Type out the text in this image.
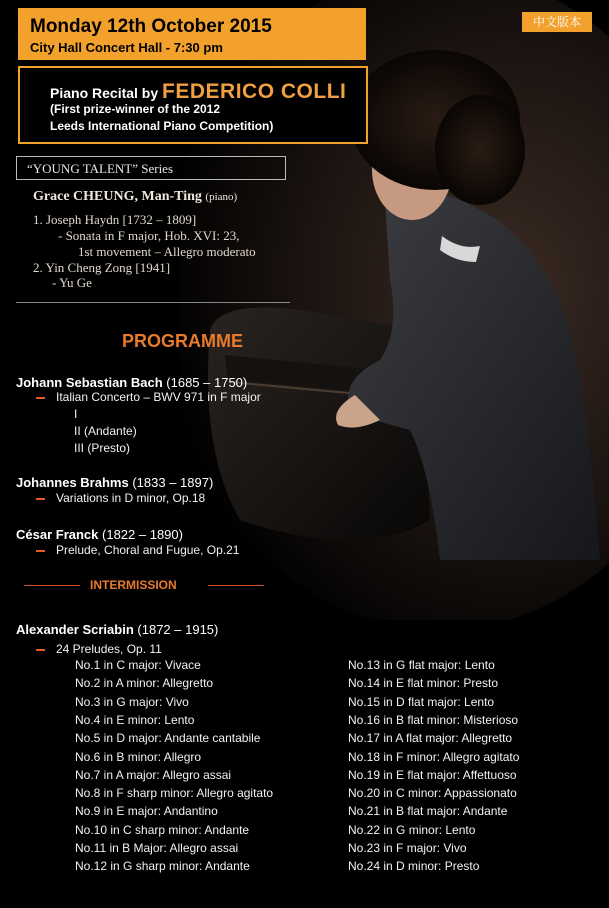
Monday 12th October 2015
City Hall Concert Hall - 7:30 pm
中文版本
Piano Recital by FEDERICO COLLI
(First prize-winner of the 2012
Leeds International Piano Competition)
“YOUNG TALENT” Series
Grace CHEUNG, Man-Ting (piano)
1. Joseph Haydn [1732 – 1809]
- Sonata in F major, Hob. XVI: 23,
1st movement – Allegro moderato
2. Yin Cheng Zong [1941]
- Yu Ge
PROGRAMME
Johann Sebastian Bach (1685 – 1750)
Italian Concerto – BWV 971 in F major
I
II (Andante)
III (Presto)
Johannes Brahms (1833 – 1897)
Variations in D minor, Op.18
César Franck (1822 – 1890)
Prelude, Choral and Fugue, Op.21
INTERMISSION
Alexander Scriabin (1872 – 1915)
24 Preludes, Op. 11
No.1 in C major: Vivace
No.2 in A minor: Allegretto
No.3 in G major: Vivo
No.4 in E minor: Lento
No.5 in D major: Andante cantabile
No.6 in B minor: Allegro
No.7 in A major: Allegro assai
No.8 in F sharp minor: Allegro agitato
No.9 in E major: Andantino
No.10 in C sharp minor: Andante
No.11 in B Major: Allegro assai
No.12 in G sharp minor: Andante
No.13 in G flat major: Lento
No.14 in E flat minor: Presto
No.15 in D flat major: Lento
No.16 in B flat minor: Misterioso
No.17 in A flat major: Allegretto
No.18 in F minor: Allegro agitato
No.19 in E flat major: Affettuoso
No.20 in C minor: Appassionato
No.21 in B flat major: Andante
No.22 in G minor: Lento
No.23 in F major: Vivo
No.24 in D minor: Presto
